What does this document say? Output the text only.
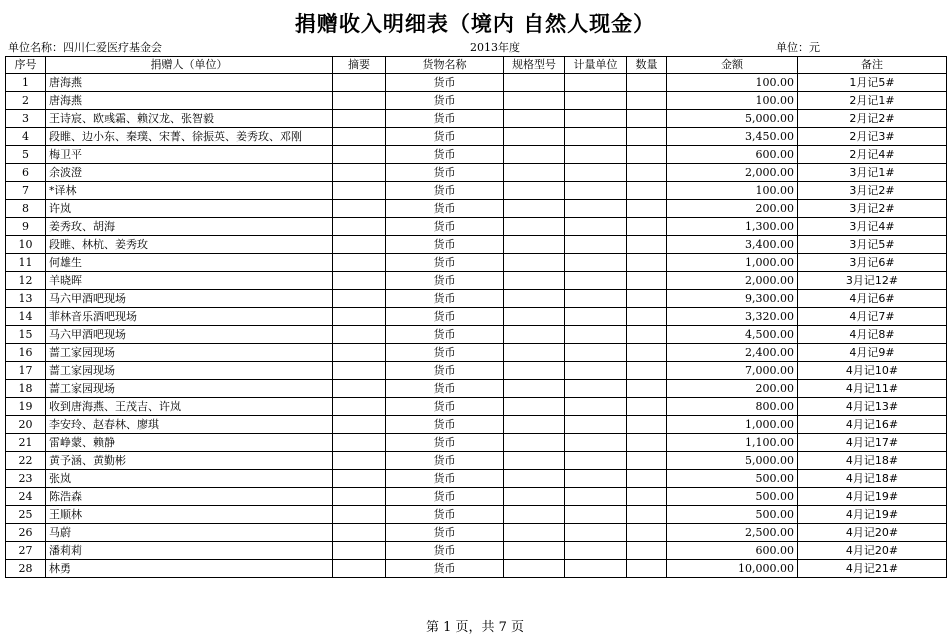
捐赠收入明细表（境内 自然人现金）
单位名称：四川仁爱医疗基金会	2013年度	单位：元
序号	捐赠人（单位）	摘要	货物名称	规格型号	计量单位	数量	金额	备注
1	唐海燕		货币				100.00	1月记5#
2	唐海燕		货币				100.00	2月记1#
3	王诗宸、欧彧霜、赖汉龙、张智毅		货币				5,000.00	2月记2#
4	段睢、边小东、秦璞、宋菁、徐振英、姜秀玫、邓刚		货币				3,450.00	2月记3#
5	梅卫平		货币				600.00	2月记4#
6	余波澄		货币				2,000.00	3月记1#
7	*译林		货币				100.00	3月记2#
8	许岚		货币				200.00	3月记2#
9	姜秀玫、胡海		货币				1,300.00	3月记4#
10	段睢、林杭、姜秀玫		货币				3,400.00	3月记5#
11	何雄生		货币				1,000.00	3月记6#
12	羊晓晖		货币				2,000.00	3月记12#
13	马六甲酒吧现场		货币				9,300.00	4月记6#
14	菲林音乐酒吧现场		货币				3,320.00	4月记7#
15	马六甲酒吧现场		货币				4,500.00	4月记8#
16	蔷工家园现场		货币				2,400.00	4月记9#
17	蔷工家园现场		货币				7,000.00	4月记10#
18	蔷工家园现场		货币				200.00	4月记11#
19	收到唐海燕、王茂吉、许岚		货币				800.00	4月记13#
20	李安玲、赵春林、廖琪		货币				1,000.00	4月记16#
21	雷峥蒙、赖静		货币				1,100.00	4月记17#
22	黄予涵、黄勤彬		货币				5,000.00	4月记18#
23	张岚		货币				500.00	4月记18#
24	陈浩森		货币				500.00	4月记19#
25	王顺林		货币				500.00	4月记19#
26	马蔚		货币				2,500.00	4月记20#
27	潘莉莉		货币				600.00	4月记20#
28	林勇		货币				10,000.00	4月记21#
第 1 页，共 7 页
